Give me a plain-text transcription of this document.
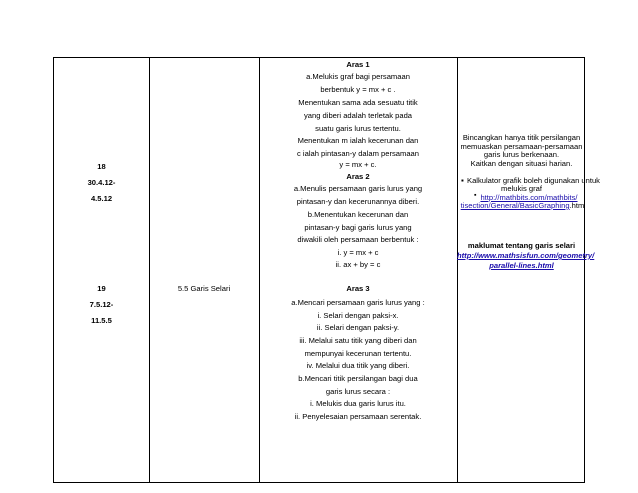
18
30.4.12-
4.5.12
19
7.5.12-
11.5.5
5.5 Garis Selari
Aras 1
a.Melukis graf bagi persamaan
berbentuk y = mx + c .
Menentukan sama ada sesuatu titik
yang diberi adalah terletak pada
suatu garis lurus tertentu.
Menentukan m ialah kecerunan dan
c ialah pintasan-y dalam persamaan
y = mx + c.
Aras 2
a.Menulis persamaan garis lurus yang
pintasan-y dan kecerunannya diberi.
b.Menentukan kecerunan dan
pintasan-y bagi garis lurus yang
diwakili oleh persamaan berbentuk :
i. y = mx + c
ii. ax + by = c
Aras 3
a.Mencari persamaan garis lurus yang :
i. Selari dengan paksi-x.
ii. Selari dengan paksi-y.
iii. Melalui satu titik yang diberi dan
mempunyai kecerunan tertentu.
iv. Melalui dua titik yang diberi.
b.Mencari titik persilangan bagi dua
garis lurus secara :
i. Melukis dua garis lurus itu.
ii. Penyelesaian persamaan serentak.
Bincangkan hanya titik persilangan
memuaskan persamaan-persamaan
garis lurus berkenaan.
Kaitkan dengan situasi harian.
▪ Kalkulator grafik boleh digunakan untuk
melukis graf
▪ http://mathbits.com/mathbits/
tisection/General/BasicGraphing.htm
maklumat tentang garis selari
http://www.mathsisfun.com/geometry/
parallel-lines.html
